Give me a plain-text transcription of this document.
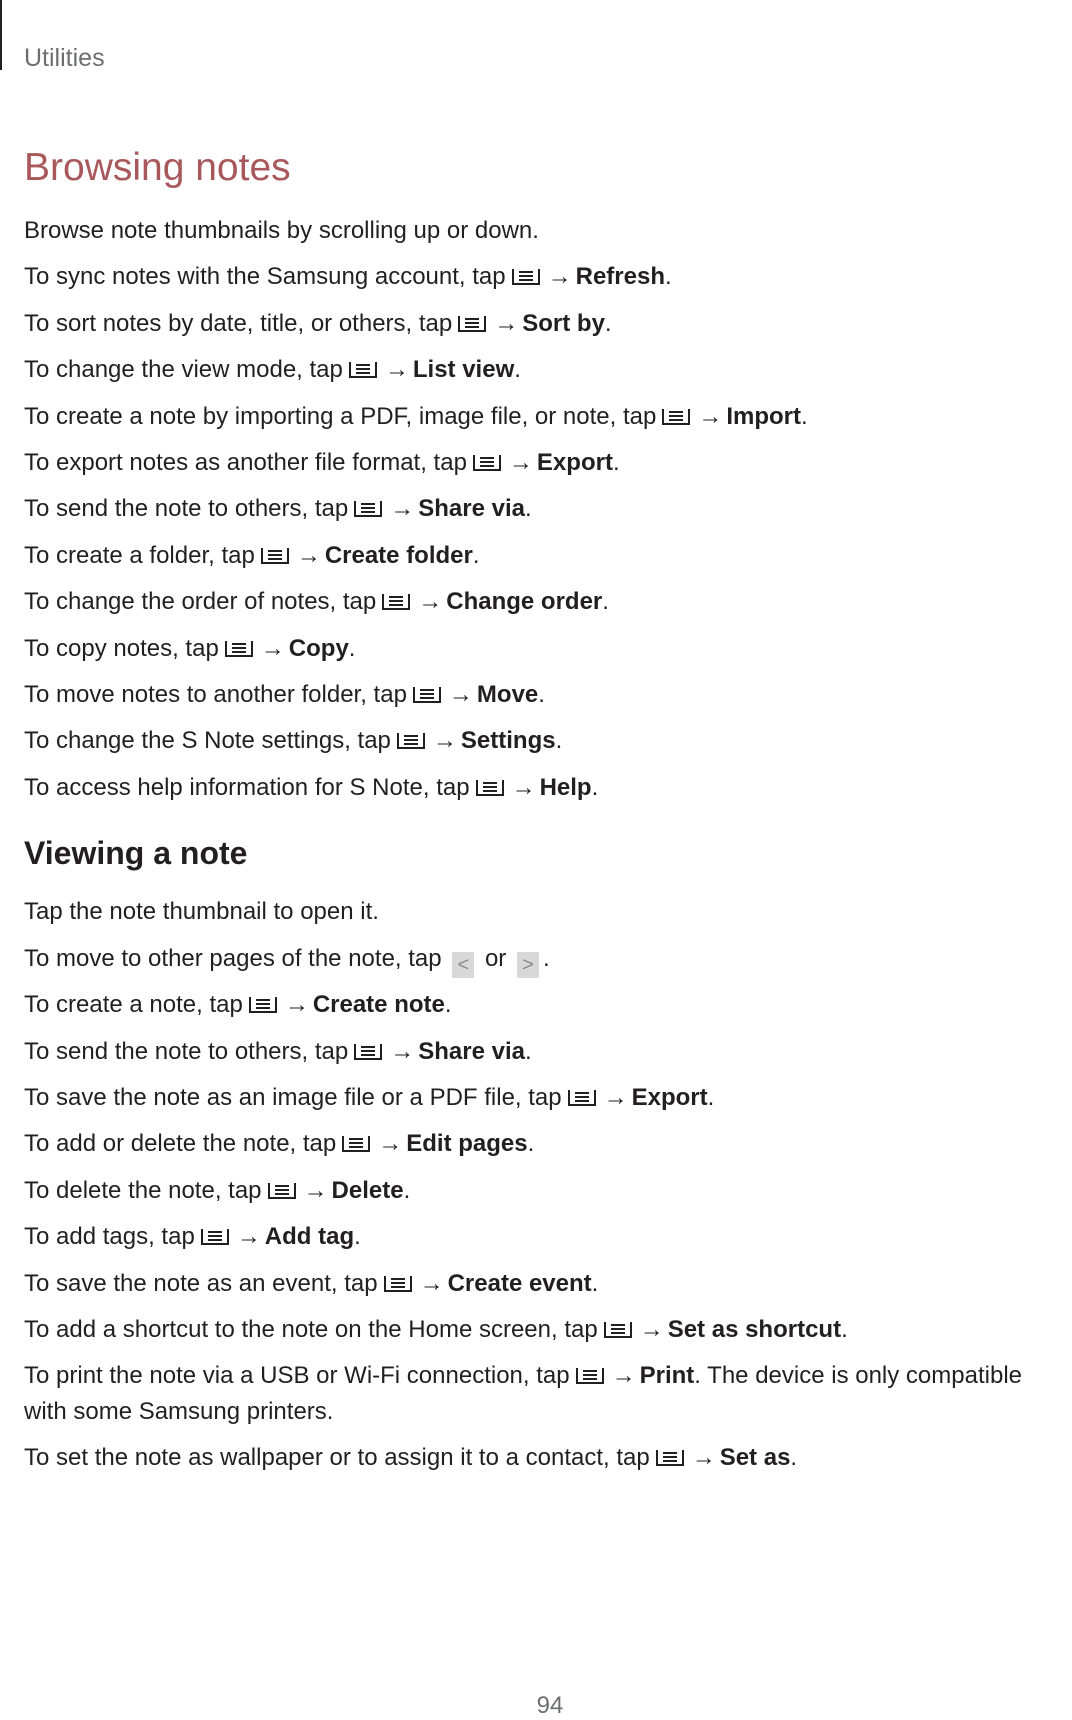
Utilities
Browsing notes

Browse note thumbnails by scrolling up or down.

To sync notes with the Samsung account, tap → Refresh.

To sort notes by date, title, or others, tap → Sort by.

To change the view mode, tap → List view.

To create a note by importing a PDF, image file, or note, tap → Import.

To export notes as another file format, tap → Export.

To send the note to others, tap → Share via.

To create a folder, tap → Create folder.

To change the order of notes, tap → Change order.

To copy notes, tap → Copy.

To move notes to another folder, tap → Move.

To change the S Note settings, tap → Settings.

To access help information for S Note, tap → Help.

Viewing a note

Tap the note thumbnail to open it.

To move to other pages of the note, tap < or > .

To create a note, tap → Create note.

To send the note to others, tap → Share via.

To save the note as an image file or a PDF file, tap → Export.

To add or delete the note, tap → Edit pages.

To delete the note, tap → Delete.

To add tags, tap → Add tag.

To save the note as an event, tap → Create event.

To add a shortcut to the note on the Home screen, tap → Set as shortcut.

To print the note via a USB or Wi-Fi connection, tap → Print. The device is only compatible with some Samsung printers.

To set the note as wallpaper or to assign it to a contact, tap → Set as.

94
